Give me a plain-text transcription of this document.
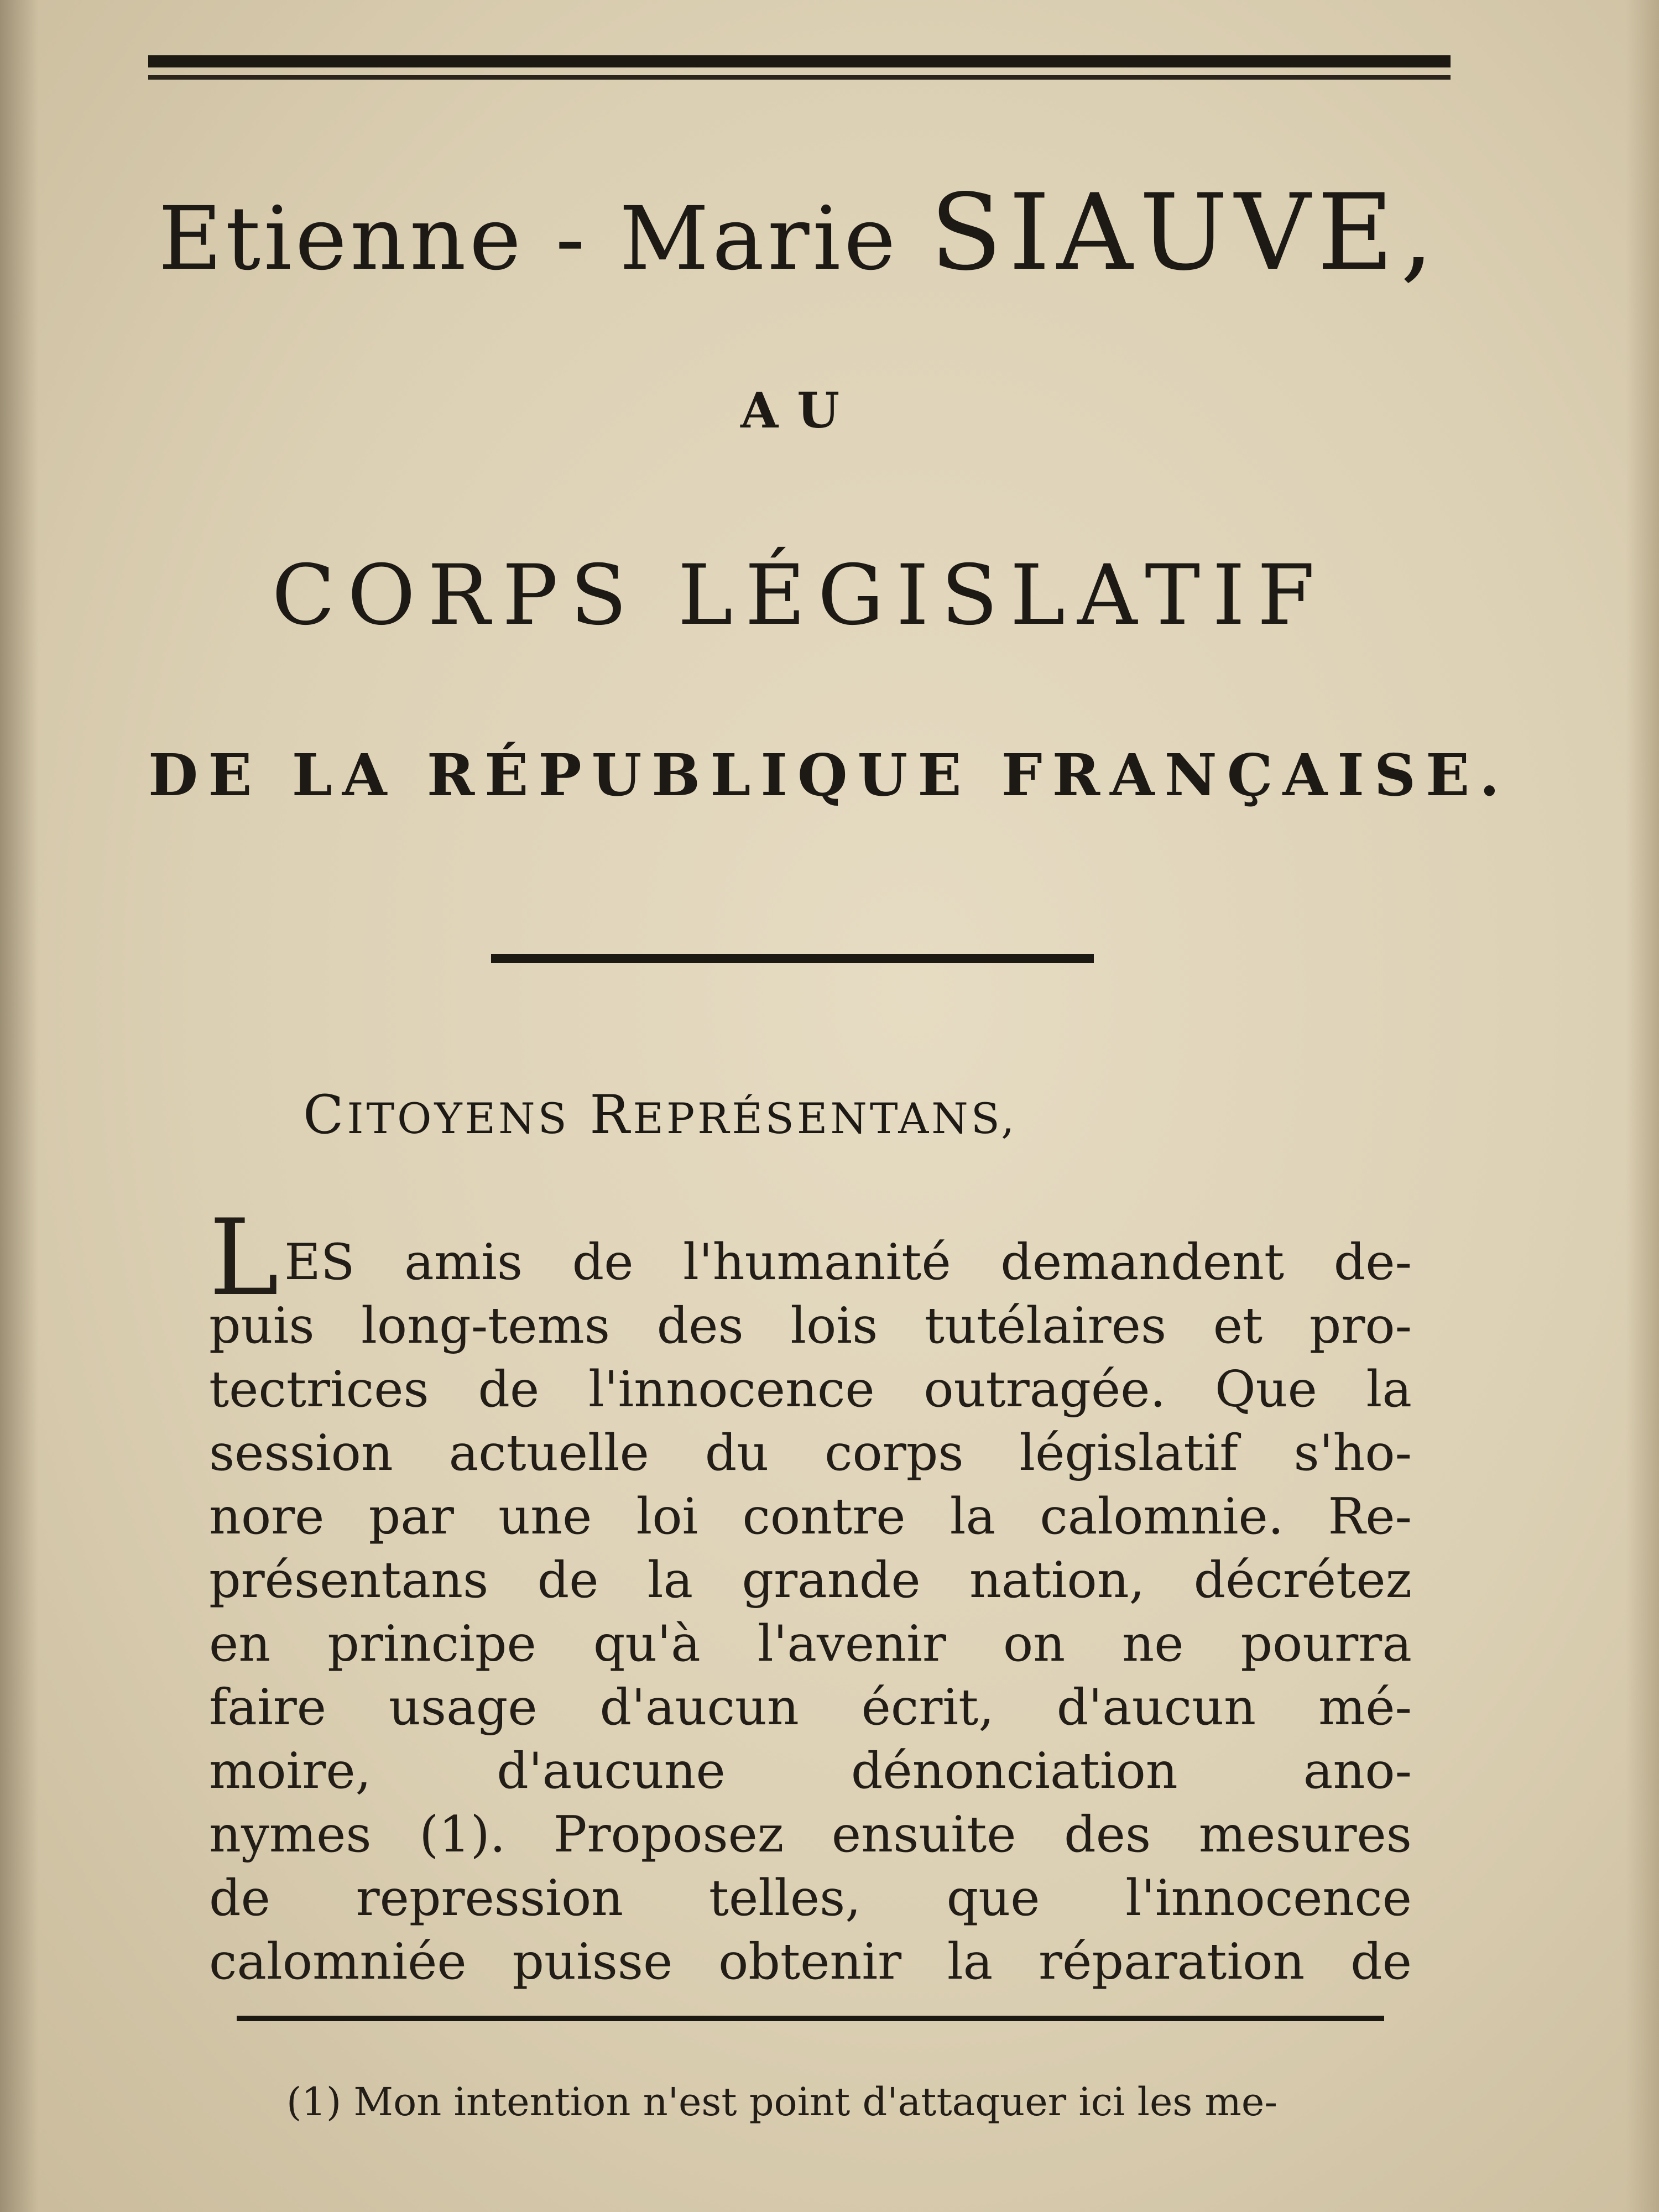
Etienne - Marie SIAUVE,
AU
CORPS LÉGISLATIF
DE LA RÉPUBLIQUE FRANÇAISE.
CITOYENS REPRÉSENTANS,
LES amis de l'humanité demandent de-
puis long-tems des lois tutélaires et pro-
tectrices de l'innocence outragée. Que la
session actuelle du corps législatif s'ho-
nore par une loi contre la calomnie. Re-
présentans de la grande nation, décrétez
en principe qu'à l'avenir on ne pourra
faire usage d'aucun écrit, d'aucun mé-
moire, d'aucune dénonciation ano-
nymes (1). Proposez ensuite des mesures
de repression telles, que l'innocence
calomniée puisse obtenir la réparation de
(1) Mon intention n'est point d'attaquer ici les me-
